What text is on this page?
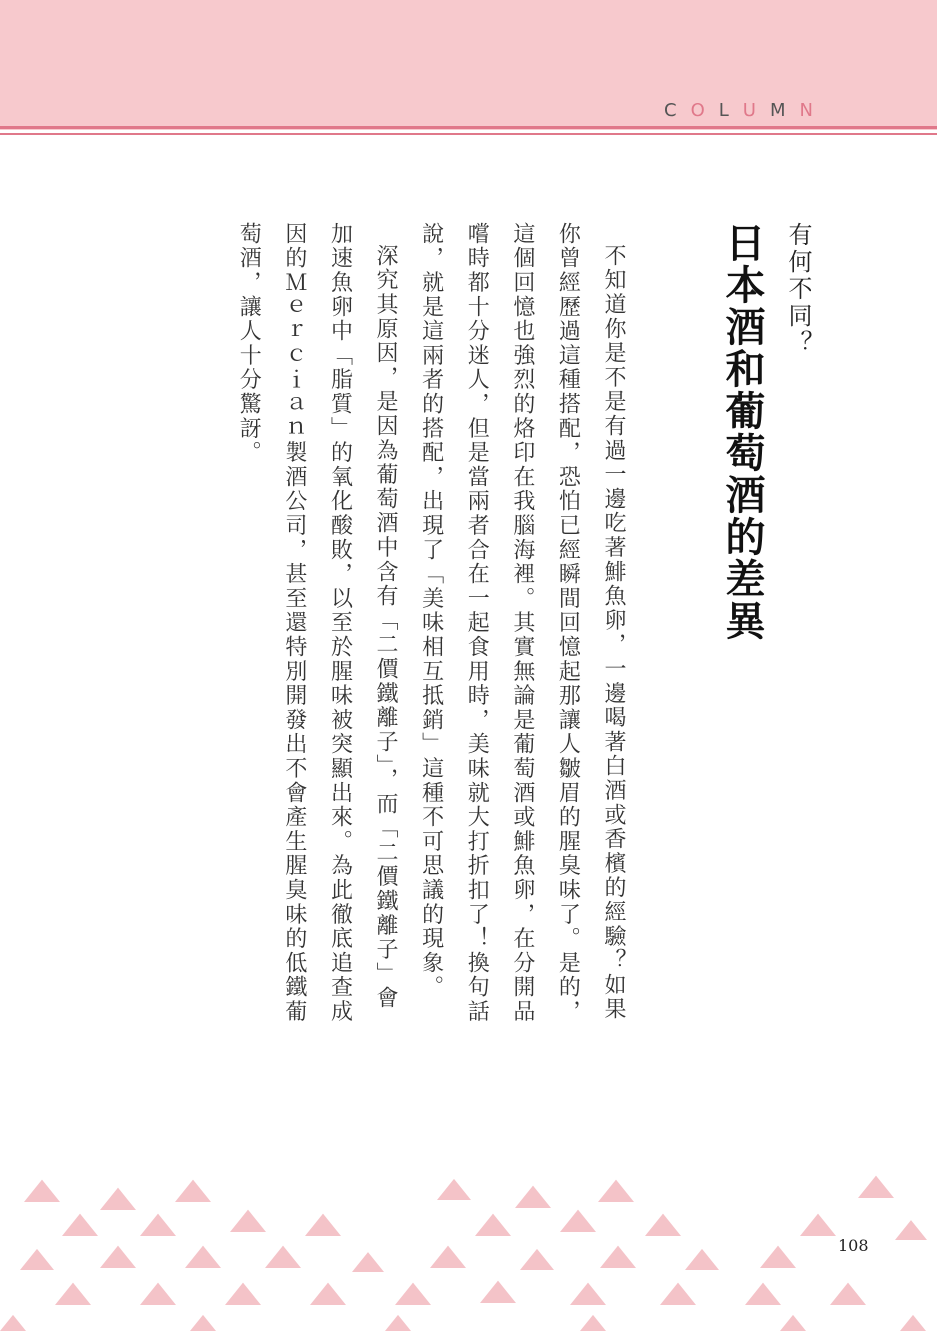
C O L U M N
有何不同？
日本酒和葡萄酒的差異

不知道你是不是有過一邊吃著鯡魚卵，一邊喝著白酒或香檳的經驗？如果你曾經歷過這種搭配，恐怕已經瞬間回憶起那讓人皺眉的腥臭味了。是的，這個回憶也強烈的烙印在我腦海裡。其實無論是葡萄酒或鯡魚卵，在分開品嚐時都十分迷人，但是當兩者合在一起食用時，美味就大打折扣了！換句話說，就是這兩者的搭配，出現了「美味相互抵銷」這種不可思議的現象。

深究其原因，是因為葡萄酒中含有「二價鐵離子」，而「二價鐵離子」會加速魚卵中「脂質」的氧化酸敗，以至於腥味被突顯出來。為此徹底追查成因的Ｍｅｒｃｉａｎ製酒公司，甚至還特別開發出不會產生腥臭味的低鐵葡萄酒，讓人十分驚訝。

108
